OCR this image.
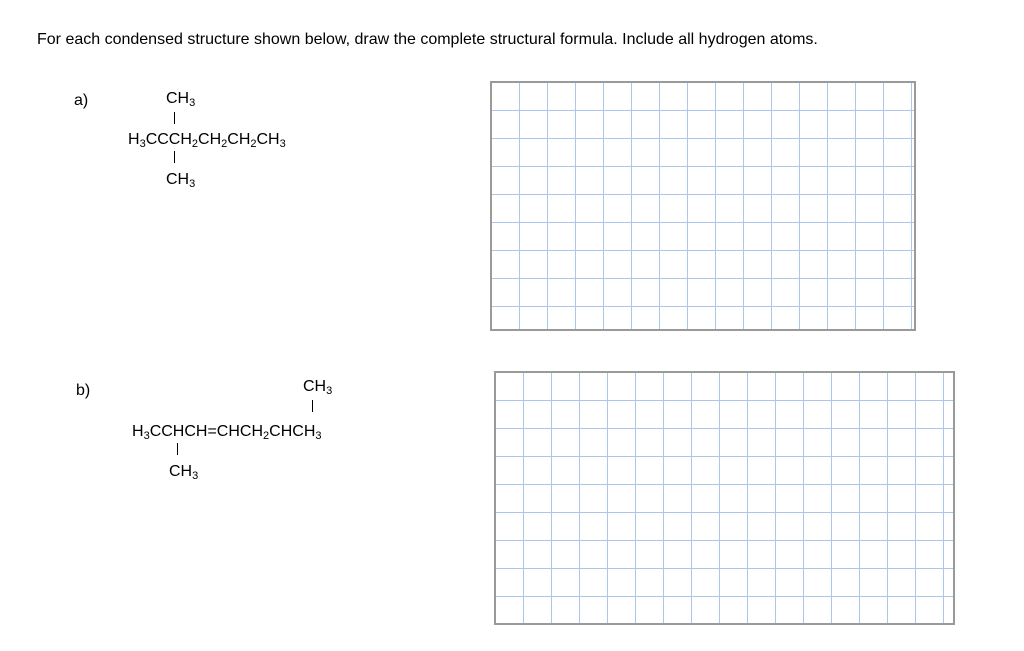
For each condensed structure shown below, draw the complete structural formula. Include all hydrogen atoms.

a)	$CH_3$
$H_3CCCH_2CH_2CH_2CH_3$
$CH_3$
b)	$CH_3$
$H_3CCHCH=CHCH_2CHCH_3$
$CH_3$
